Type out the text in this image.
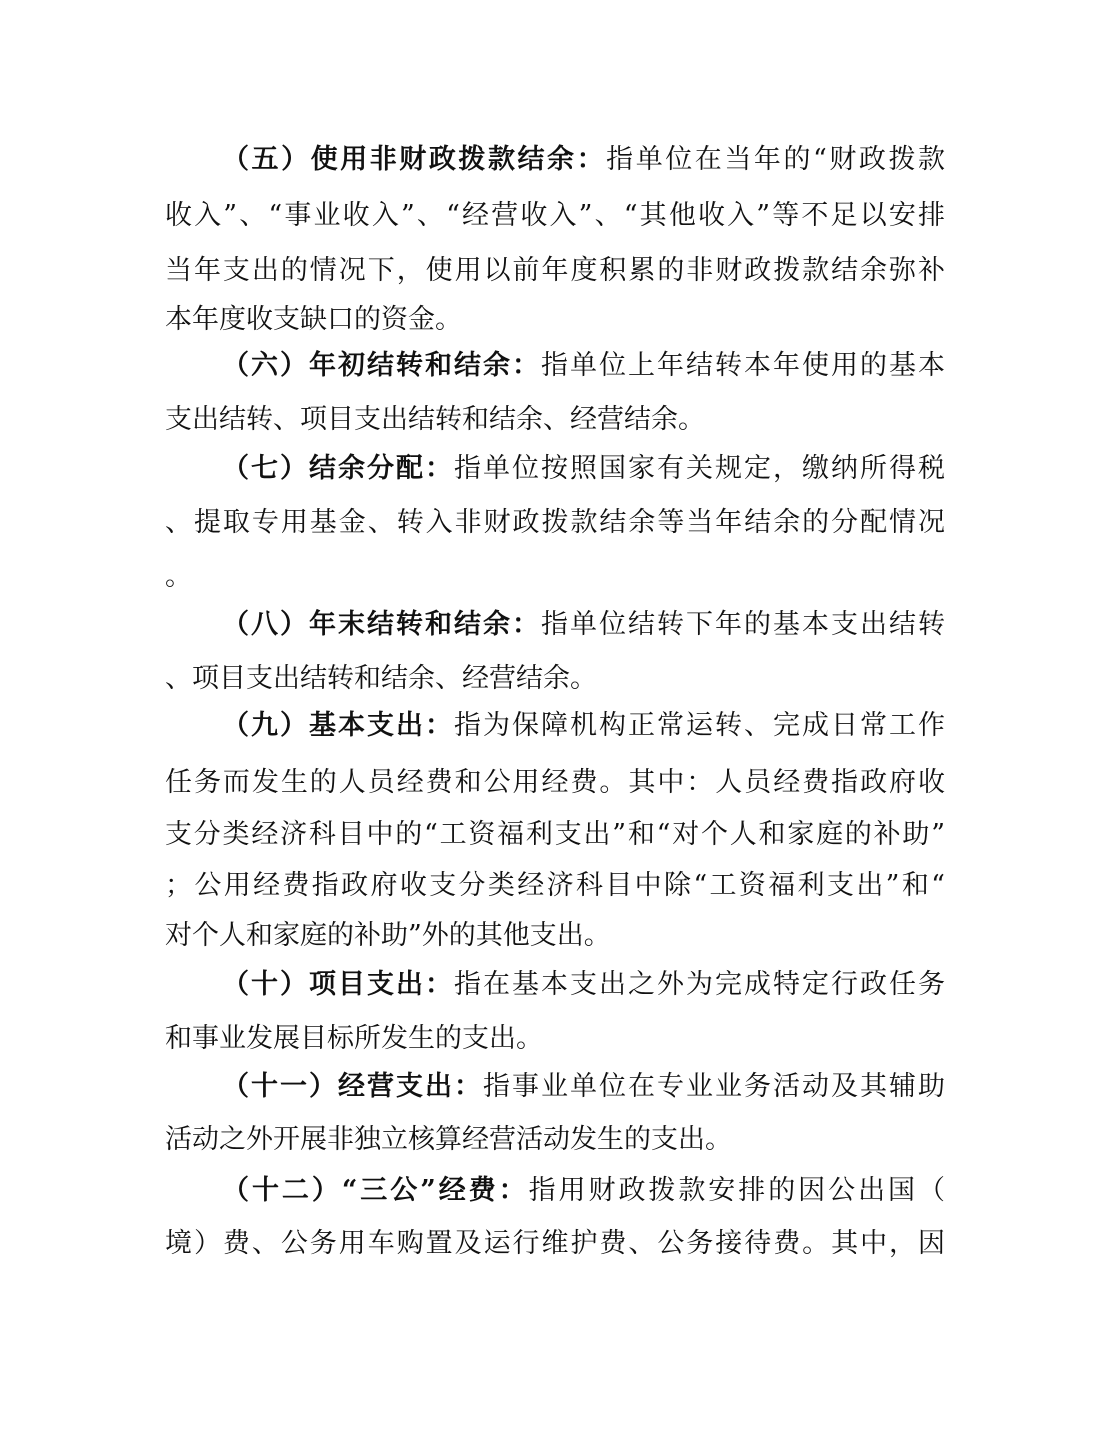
（五）使用非财政拨款结余：指单位在当年的“财政拨款
收入”、“事业收入”、“经营收入”、“其他收入”等不足以安排
当年支出的情况下，使用以前年度积累的非财政拨款结余弥补
本年度收支缺口的资金。
（六）年初结转和结余：指单位上年结转本年使用的基本
支出结转、项目支出结转和结余、经营结余。
（七）结余分配：指单位按照国家有关规定，缴纳所得税
、提取专用基金、转入非财政拨款结余等当年结余的分配情况
。
（八）年末结转和结余：指单位结转下年的基本支出结转
、项目支出结转和结余、经营结余。
（九）基本支出：指为保障机构正常运转、完成日常工作
任务而发生的人员经费和公用经费。其中：人员经费指政府收
支分类经济科目中的“工资福利支出”和“对个人和家庭的补助”
；公用经费指政府收支分类经济科目中除“工资福利支出”和“
对个人和家庭的补助”外的其他支出。
（十）项目支出：指在基本支出之外为完成特定行政任务
和事业发展目标所发生的支出。
（十一）经营支出：指事业单位在专业业务活动及其辅助
活动之外开展非独立核算经营活动发生的支出。
（十二）“三公”经费：指用财政拨款安排的因公出国（
境）费、公务用车购置及运行维护费、公务接待费。其中，因
